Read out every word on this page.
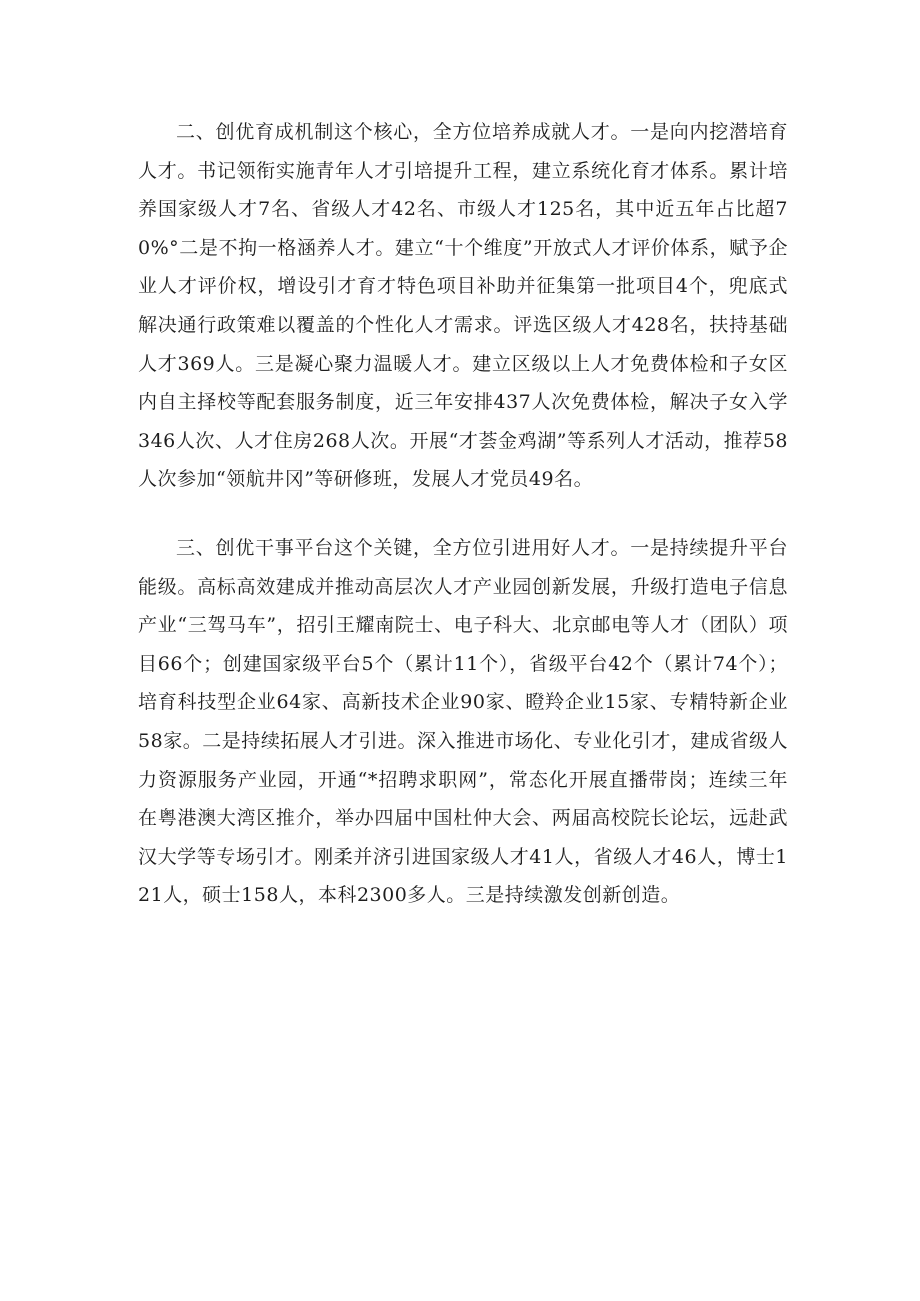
二、创优育成机制这个核心，全方位培养成就人才。一是向内挖潜培育人才。书记领衔实施青年人才引培提升工程，建立系统化育才体系。累计培养国家级人才7名、省级人才42名、市级人才125名，其中近五年占比超70%°二是不拘一格涵养人才。建立“十个维度”开放式人才评价体系，赋予企业人才评价权，增设引才育才特色项目补助并征集第一批项目4个，兜底式解决通行政策难以覆盖的个性化人才需求。评选区级人才428名，扶持基础人才369人。三是凝心聚力温暖人才。建立区级以上人才免费体检和子女区内自主择校等配套服务制度，近三年安排437人次免费体检，解决子女入学346人次、人才住房268人次。开展“才荟金鸡湖”等系列人才活动，推荐58人次参加“领航井冈”等研修班，发展人才党员49名。

三、创优干事平台这个关键，全方位引进用好人才。一是持续提升平台能级。高标高效建成并推动高层次人才产业园创新发展，升级打造电子信息产业“三驾马车”，招引王耀南院士、电子科大、北京邮电等人才（团队）项目66个；创建国家级平台5个（累计11个），省级平台42个（累计74个）；培育科技型企业64家、高新技术企业90家、瞪羚企业15家、专精特新企业58家。二是持续拓展人才引进。深入推进市场化、专业化引才，建成省级人力资源服务产业园，开通“*招聘求职网”，常态化开展直播带岗；连续三年在粤港澳大湾区推介，举办四届中国杜仲大会、两届高校院长论坛，远赴武汉大学等专场引才。刚柔并济引进国家级人才41人，省级人才46人，博士121人，硕士158人，本科2300多人。三是持续激发创新创造。
